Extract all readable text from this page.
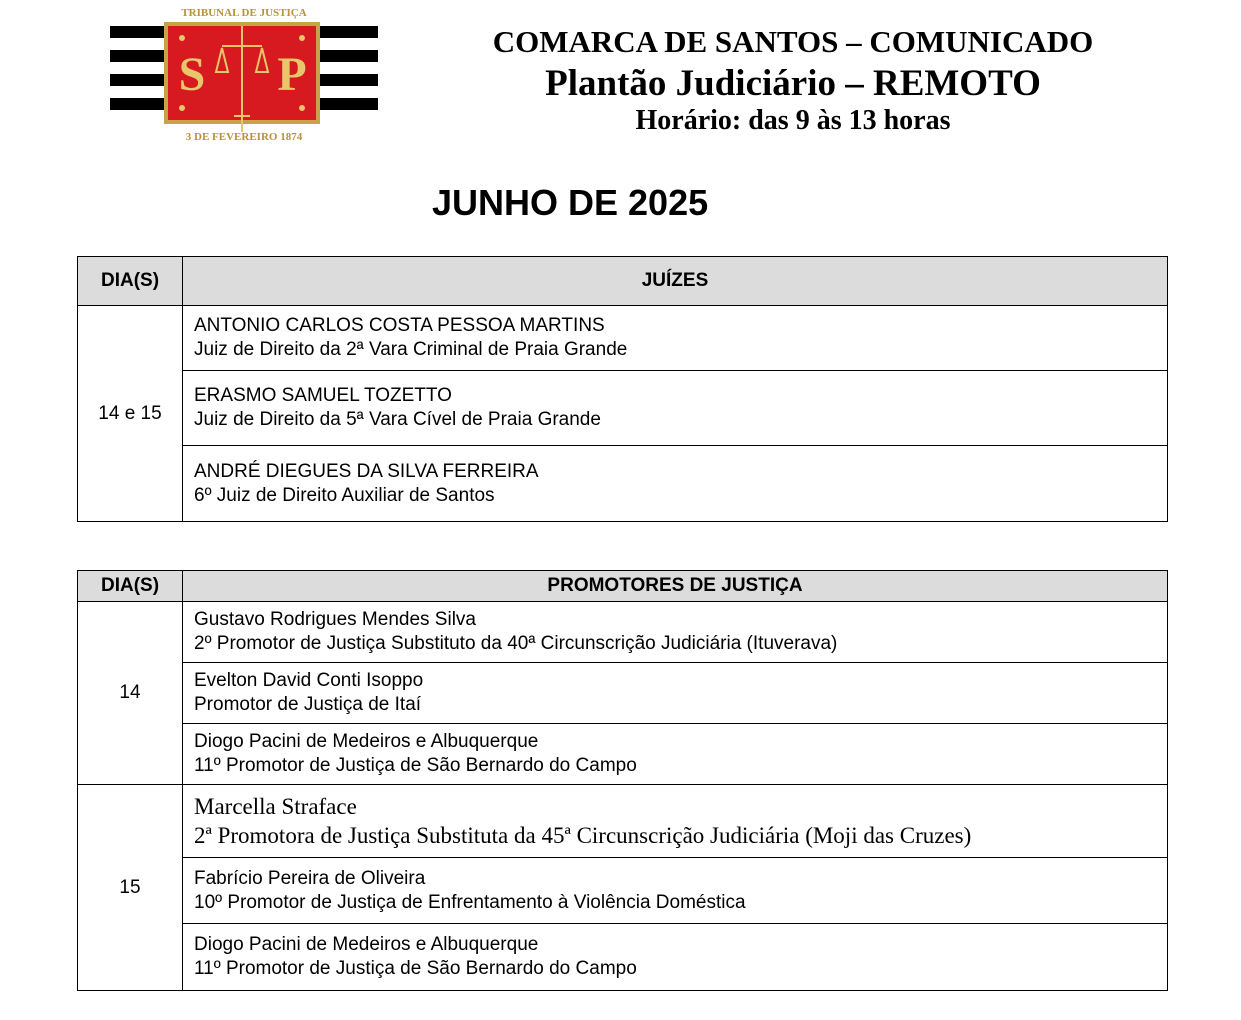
S P
TRIBUNAL DE JUSTIÇA
3 DE FEVEREIRO 1874
COMARCA DE SANTOS – COMUNICADO
Plantão Judiciário – REMOTO
Horário: das 9 às 13 horas
JUNHO DE 2025
DIA(S)	JUÍZES
14 e 15	ANTONIO CARLOS COSTA PESSOA MARTINS
Juiz de Direito da 2ª Vara Criminal de Praia Grande

	ERASMO SAMUEL TOZETTO
Juiz de Direito da 5ª Vara Cível de Praia Grande

	ANDRÉ DIEGUES DA SILVA FERREIRA
6º Juiz de Direito Auxiliar de Santos
DIA(S)	PROMOTORES DE JUSTIÇA
14	Gustavo Rodrigues Mendes Silva
2º Promotor de Justiça Substituto da 40ª Circunscrição Judiciária (Ituverava)

	Evelton David Conti Isoppo
Promotor de Justiça de Itaí

	Diogo Pacini de Medeiros e Albuquerque
11º Promotor de Justiça de São Bernardo do Campo

15	Marcella Straface
2ª Promotora de Justiça Substituta da 45ª Circunscrição Judiciária (Moji das Cruzes)

	Fabrício Pereira de Oliveira
10º Promotor de Justiça de Enfrentamento à Violência Doméstica

	Diogo Pacini de Medeiros e Albuquerque
11º Promotor de Justiça de São Bernardo do Campo
